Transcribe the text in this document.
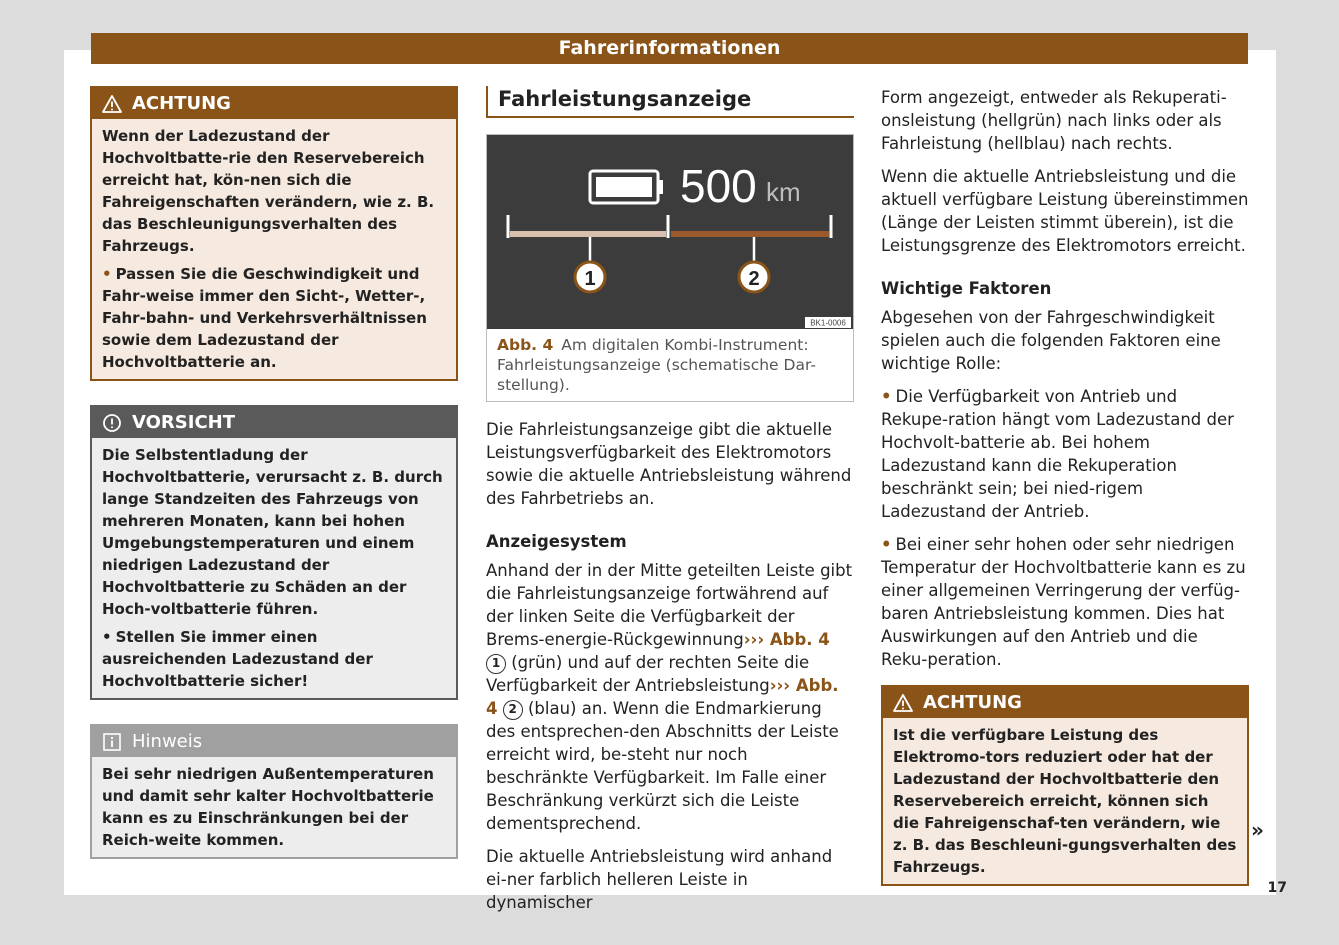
Fahrerinformationen
ACHTUNG

Wenn der Ladezustand der Hochvoltbatte-rie den Reservebereich erreicht hat, kön-nen sich die Fahreigenschaften verändern, wie z. B. das Beschleunigungsverhalten des Fahrzeugs.

• Passen Sie die Geschwindigkeit und Fahr-weise immer den Sicht-, Wetter-, Fahr-bahn- und Verkehrsverhältnissen sowie dem Ladezustand der Hochvoltbatterie an.

VORSICHT

Die Selbstentladung der Hochvoltbatterie, verursacht z. B. durch lange Standzeiten des Fahrzeugs von mehreren Monaten, kann bei hohen Umgebungstemperaturen und einem niedrigen Ladezustand der Hochvoltbatterie zu Schäden an der Hoch-voltbatterie führen.

• Stellen Sie immer einen ausreichenden Ladezustand der Hochvoltbatterie sicher!

Hinweis

Bei sehr niedrigen Außentemperaturen und damit sehr kalter Hochvoltbatterie kann es zu Einschränkungen bei der Reich-weite kommen.

Fahrleistungsanzeige
500 km
1	2
BK1-0006
Abb. 4 Am digitalen Kombi-Instrument: Fahrleistungsanzeige (schematische Dar-stellung).

Die Fahrleistungsanzeige gibt die aktuelle Leistungsverfügbarkeit des Elektromotors sowie die aktuelle Antriebsleistung während des Fahrbetriebs an.

Anzeigesystem

Anhand der in der Mitte geteilten Leiste gibt die Fahrleistungsanzeige fortwährend auf der linken Seite die Verfügbarkeit der Brems-energie-Rückgewinnung››› Abb. 4 1 (grün) und auf der rechten Seite die Verfügbarkeit der Antriebsleistung››› Abb. 4 2 (blau) an. Wenn die Endmarkierung des entsprechen-den Abschnitts der Leiste erreicht wird, be-steht nur noch beschränkte Verfügbarkeit. Im Falle einer Beschränkung verkürzt sich die Leiste dementsprechend.

Die aktuelle Antriebsleistung wird anhand ei-ner farblich helleren Leiste in dynamischer

Form angezeigt, entweder als Rekuperati-onsleistung (hellgrün) nach links oder als Fahrleistung (hellblau) nach rechts.

Wenn die aktuelle Antriebsleistung und die aktuell verfügbare Leistung übereinstimmen (Länge der Leisten stimmt überein), ist die Leistungsgrenze des Elektromotors erreicht.

Wichtige Faktoren

Abgesehen von der Fahrgeschwindigkeit spielen auch die folgenden Faktoren eine wichtige Rolle:

• Die Verfügbarkeit von Antrieb und Rekupe-ration hängt vom Ladezustand der Hochvolt-batterie ab. Bei hohem Ladezustand kann die Rekuperation beschränkt sein; bei nied-rigem Ladezustand der Antrieb.

• Bei einer sehr hohen oder sehr niedrigen Temperatur der Hochvoltbatterie kann es zu einer allgemeinen Verringerung der verfüg-baren Antriebsleistung kommen. Dies hat Auswirkungen auf den Antrieb und die Reku-peration.

ACHTUNG

Ist die verfügbare Leistung des Elektromo-tors reduziert oder hat der Ladezustand der Hochvoltbatterie den Reservebereich erreicht, können sich die Fahreigenschaf-ten verändern, wie z. B. das Beschleuni-gungsverhalten des Fahrzeugs.

»
17
